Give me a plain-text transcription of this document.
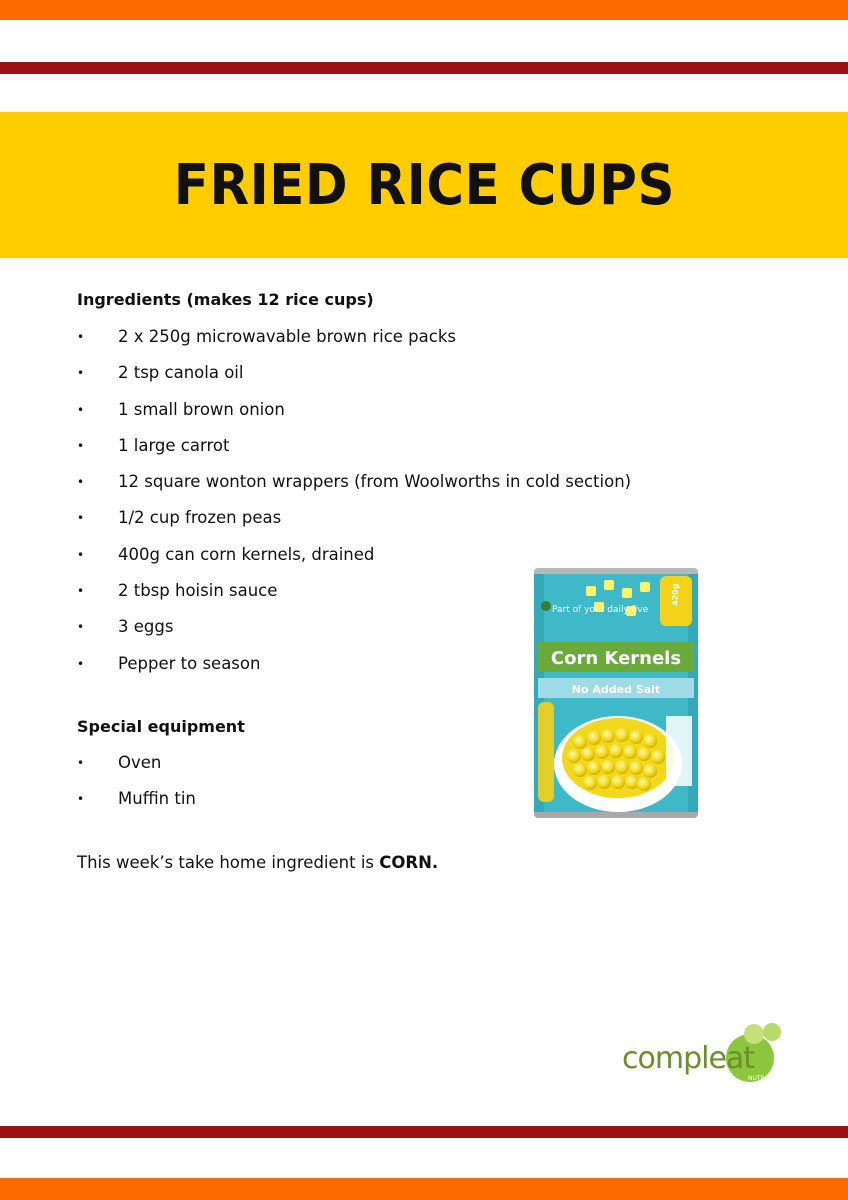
FRIED RICE CUPS

Ingredients (makes 12 rice cups)

• 2 x 250g microwavable brown rice packs
• 2 tsp canola oil
• 1 small brown onion
• 1 large carrot
• 12 square wonton wrappers (from Woolworths in cold section)
• 1/2 cup frozen peas
• 400g can corn kernels, drained
• 2 tbsp hoisin sauce
• 3 eggs
• Pepper to season

Special equipment

• Oven
• Muffin tin

This week’s take home ingredient is CORN.

Part of your daily five
420g
Corn Kernels
No Added Salt
compleat
NUTRITION
